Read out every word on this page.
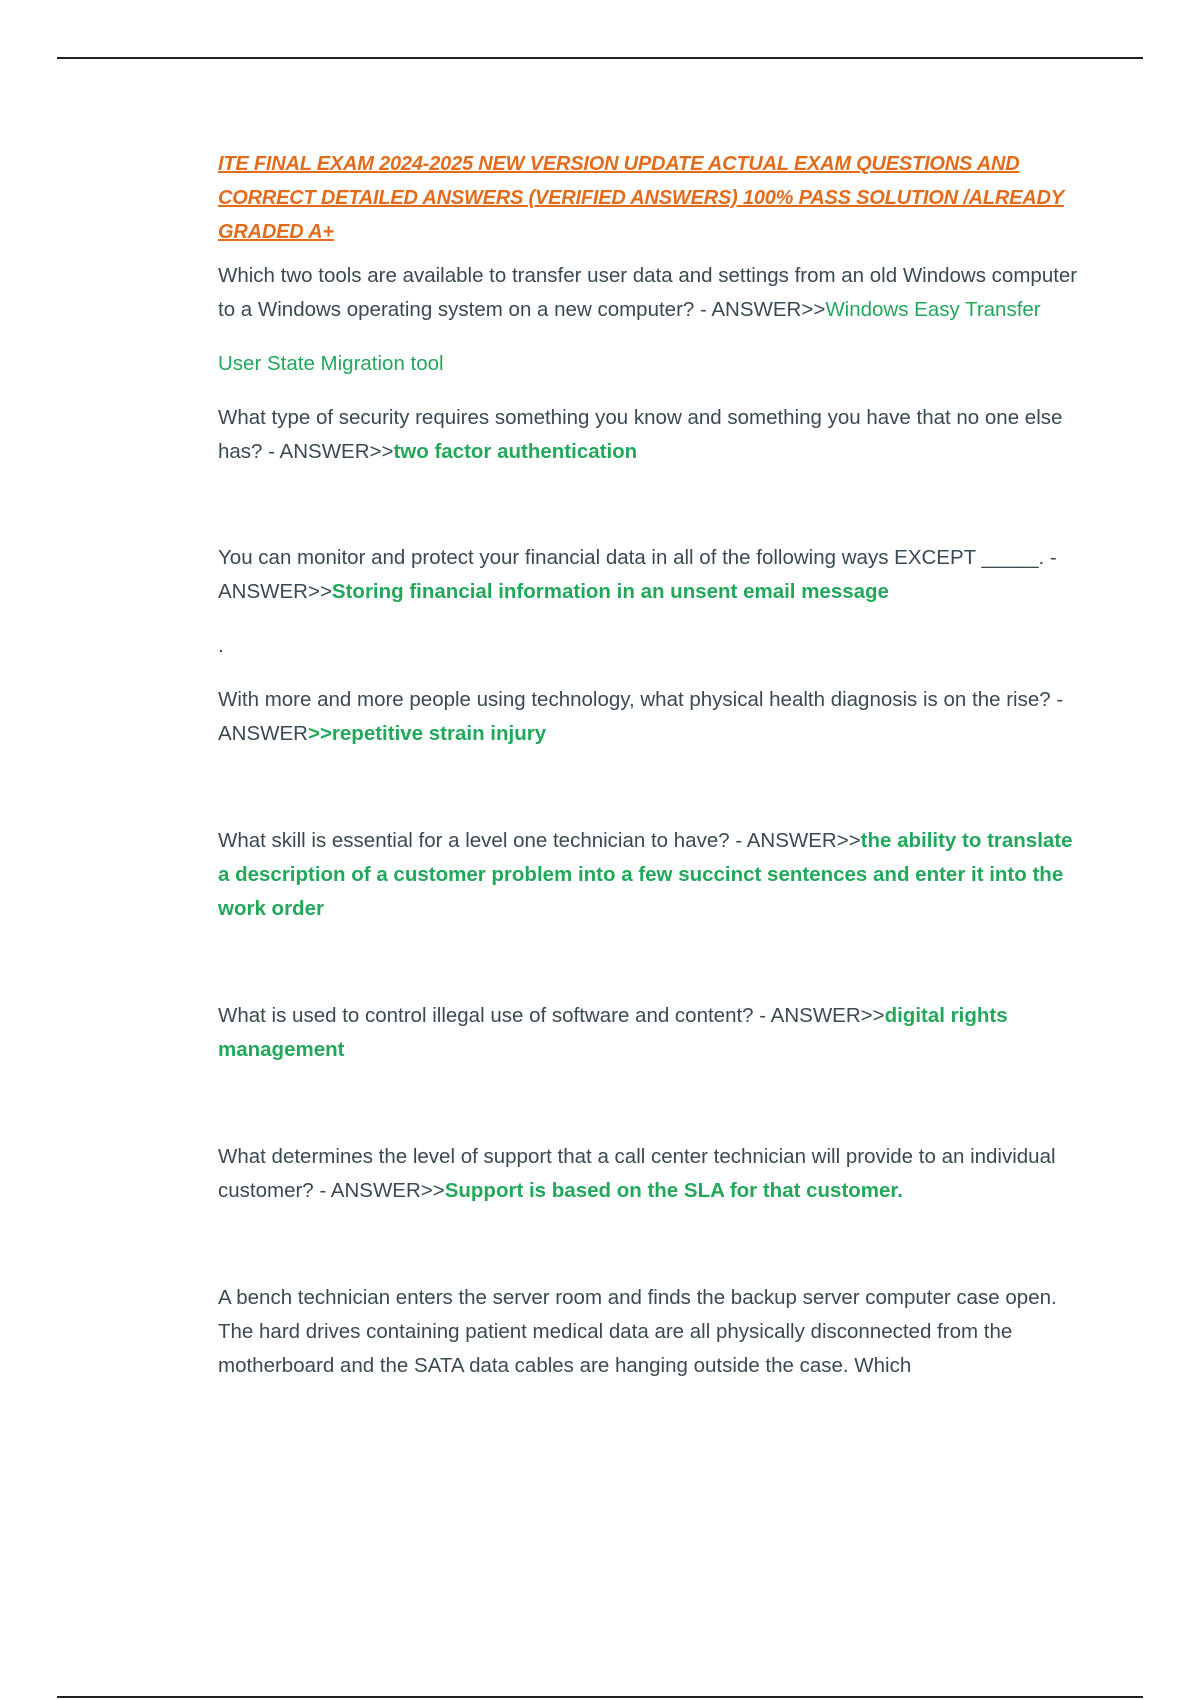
ITE FINAL EXAM 2024-2025 NEW VERSION UPDATE ACTUAL EXAM QUESTIONS AND CORRECT DETAILED ANSWERS (VERIFIED ANSWERS) 100% PASS SOLUTION /ALREADY GRADED A+

Which two tools are available to transfer user data and settings from an old Windows computer to a Windows operating system on a new computer? - ANSWER>>Windows Easy Transfer

User State Migration tool

What type of security requires something you know and something you have that no one else has? - ANSWER>>two factor authentication

You can monitor and protect your financial data in all of the following ways EXCEPT _____. - ANSWER>>Storing financial information in an unsent email message

.

With more and more people using technology, what physical health diagnosis is on the rise? - ANSWER>>repetitive strain injury

What skill is essential for a level one technician to have? - ANSWER>>the ability to translate a description of a customer problem into a few succinct sentences and enter it into the work order

What is used to control illegal use of software and content? - ANSWER>>digital rights management

What determines the level of support that a call center technician will provide to an individual customer? - ANSWER>>Support is based on the SLA for that customer.

A bench technician enters the server room and finds the backup server computer case open. The hard drives containing patient medical data are all physically disconnected from the motherboard and the SATA data cables are hanging outside the case. Which
